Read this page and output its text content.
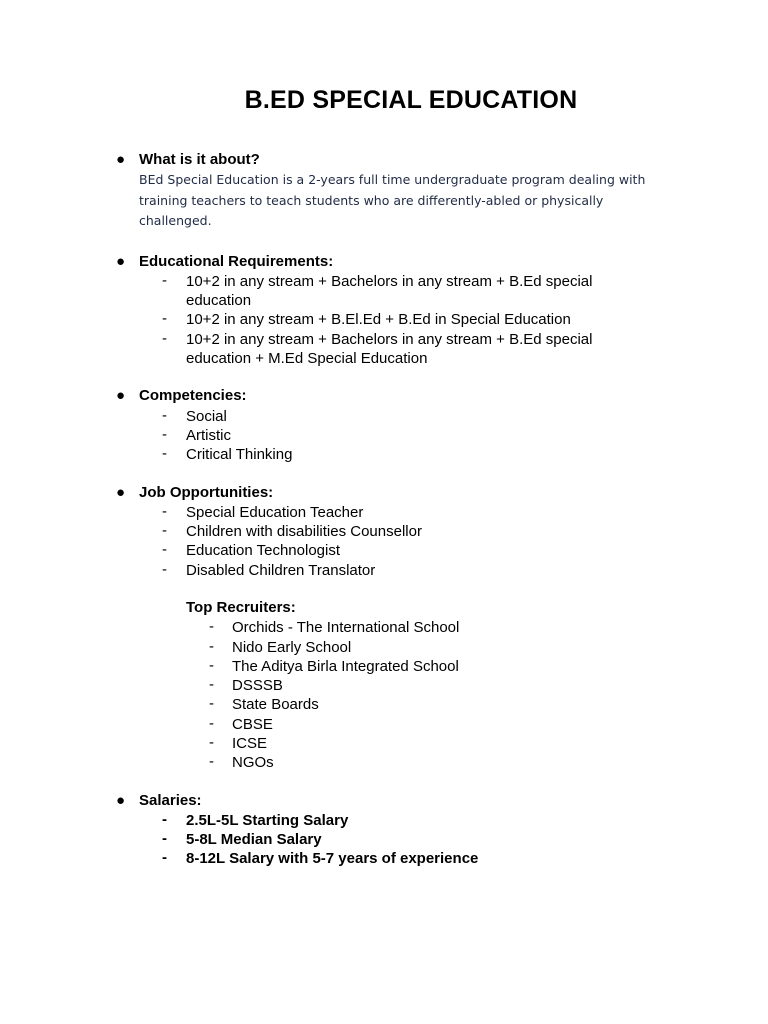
B.ED SPECIAL EDUCATION
● What is it about?
BEd Special Education is a 2-years full time undergraduate program dealing with training teachers to teach students who are differently-abled or physically challenged.
● Educational Requirements:
- 10+2 in any stream + Bachelors in any stream + B.Ed special education
- 10+2 in any stream + B.El.Ed + B.Ed in Special Education
- 10+2 in any stream + Bachelors in any stream + B.Ed special education + M.Ed Special Education
● Competencies:
- Social
- Artistic
- Critical Thinking
● Job Opportunities:
- Special Education Teacher
- Children with disabilities Counsellor
- Education Technologist
- Disabled Children Translator
Top Recruiters:
- Orchids - The International School
- Nido Early School
- The Aditya Birla Integrated School
- DSSSB
- State Boards
- CBSE
- ICSE
- NGOs
● Salaries:
- 2.5L-5L Starting Salary
- 5-8L Median Salary
- 8-12L Salary with 5-7 years of experience
